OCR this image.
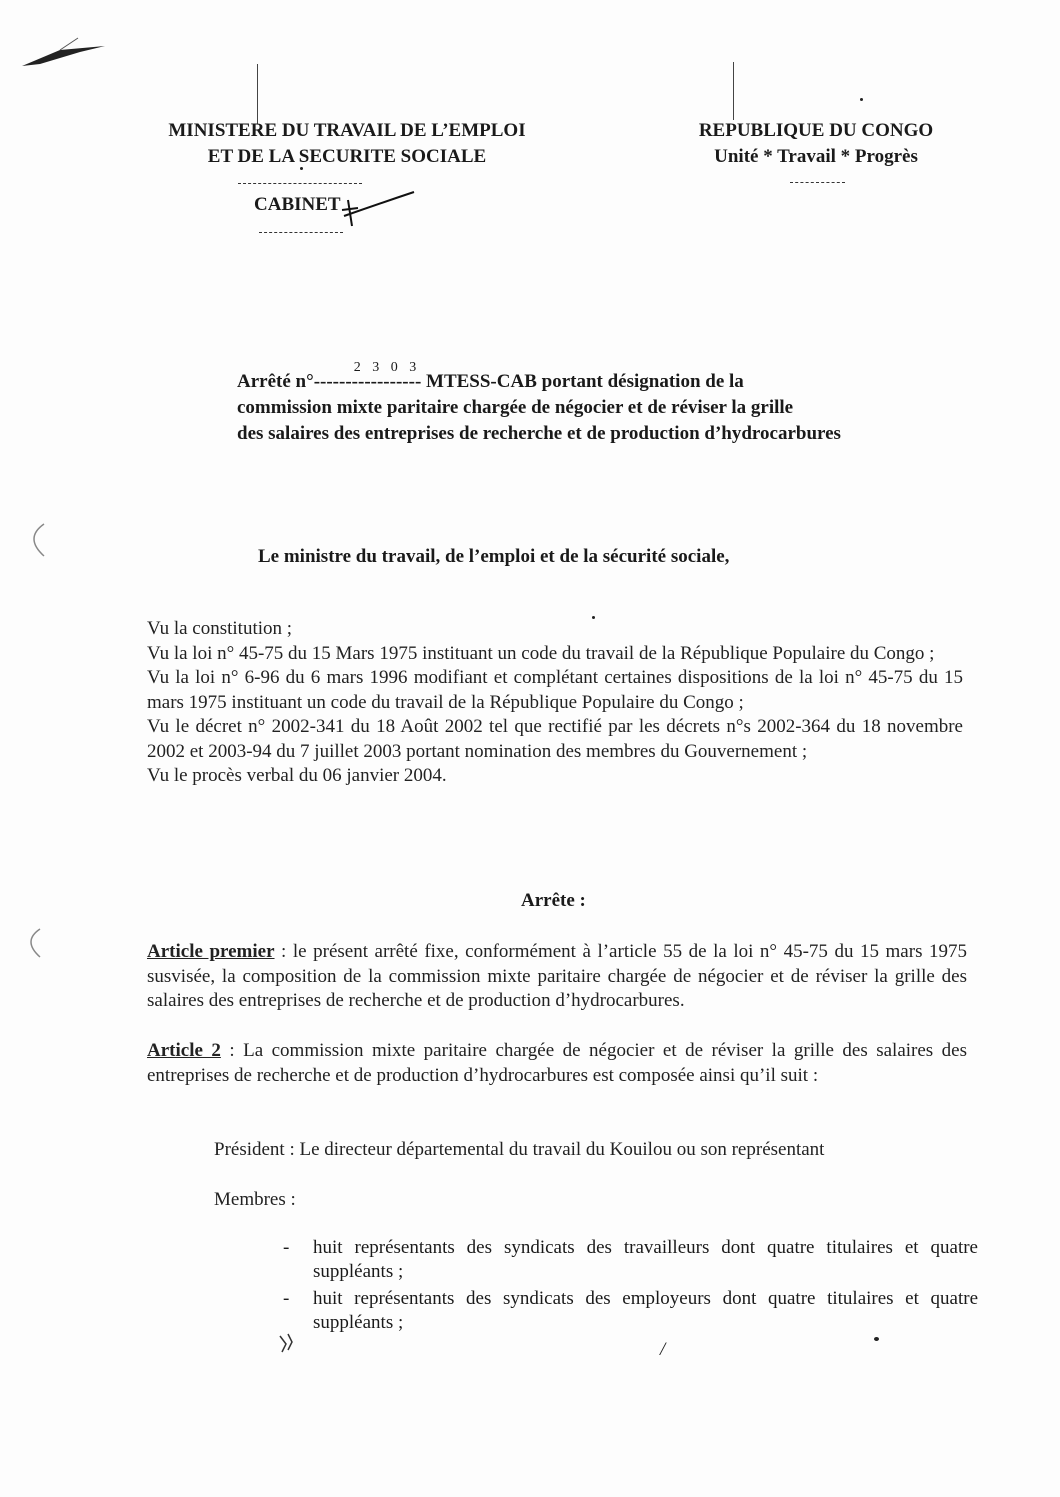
MINISTERE DU TRAVAIL DE L’EMPLOI
ET DE LA SECURITE SOCIALE
CABINET
REPUBLIQUE DU CONGO
Unité * Travail * Progrès
Arrêté n°-----------------
2 3 0 3
MTESS-CAB portant désignation de la
commission mixte paritaire chargée de négocier et de réviser la grille
des salaires des entreprises de recherche et de production d’hydrocarbures
Le ministre du travail, de l’emploi et de la sécurité sociale,
Vu la constitution ;
Vu la loi n° 45-75 du 15 Mars 1975 instituant un code du travail de la République Populaire du Congo ;
Vu la loi n° 6-96 du 6 mars 1996 modifiant et complétant certaines dispositions de la loi n° 45-75 du 15 mars 1975 instituant un code du travail de la République Populaire du Congo ;
Vu le décret n° 2002-341 du 18 Août 2002 tel que rectifié par les décrets n°s 2002-364 du 18 novembre 2002 et 2003-94 du 7 juillet 2003 portant nomination des membres du Gouvernement ;
Vu le procès verbal du 06 janvier 2004.
Arrête :
Article premier : le présent arrêté fixe, conformément à l’article 55 de la loi n° 45-75 du 15 mars 1975 susvisée, la composition de la commission mixte paritaire chargée de négocier et de réviser la grille des salaires des entreprises de recherche et de production d’hydrocarbures.
Article 2 : La commission mixte paritaire chargée de négocier et de réviser la grille des salaires des entreprises de recherche et de production d’hydrocarbures est composée ainsi qu’il suit :
Président : Le directeur départemental du travail du Kouilou ou son représentant
Membres :
- huit représentants des syndicats des travailleurs dont quatre titulaires et quatre suppléants ;
- huit représentants des syndicats des employeurs dont quatre titulaires et quatre suppléants ;
/
